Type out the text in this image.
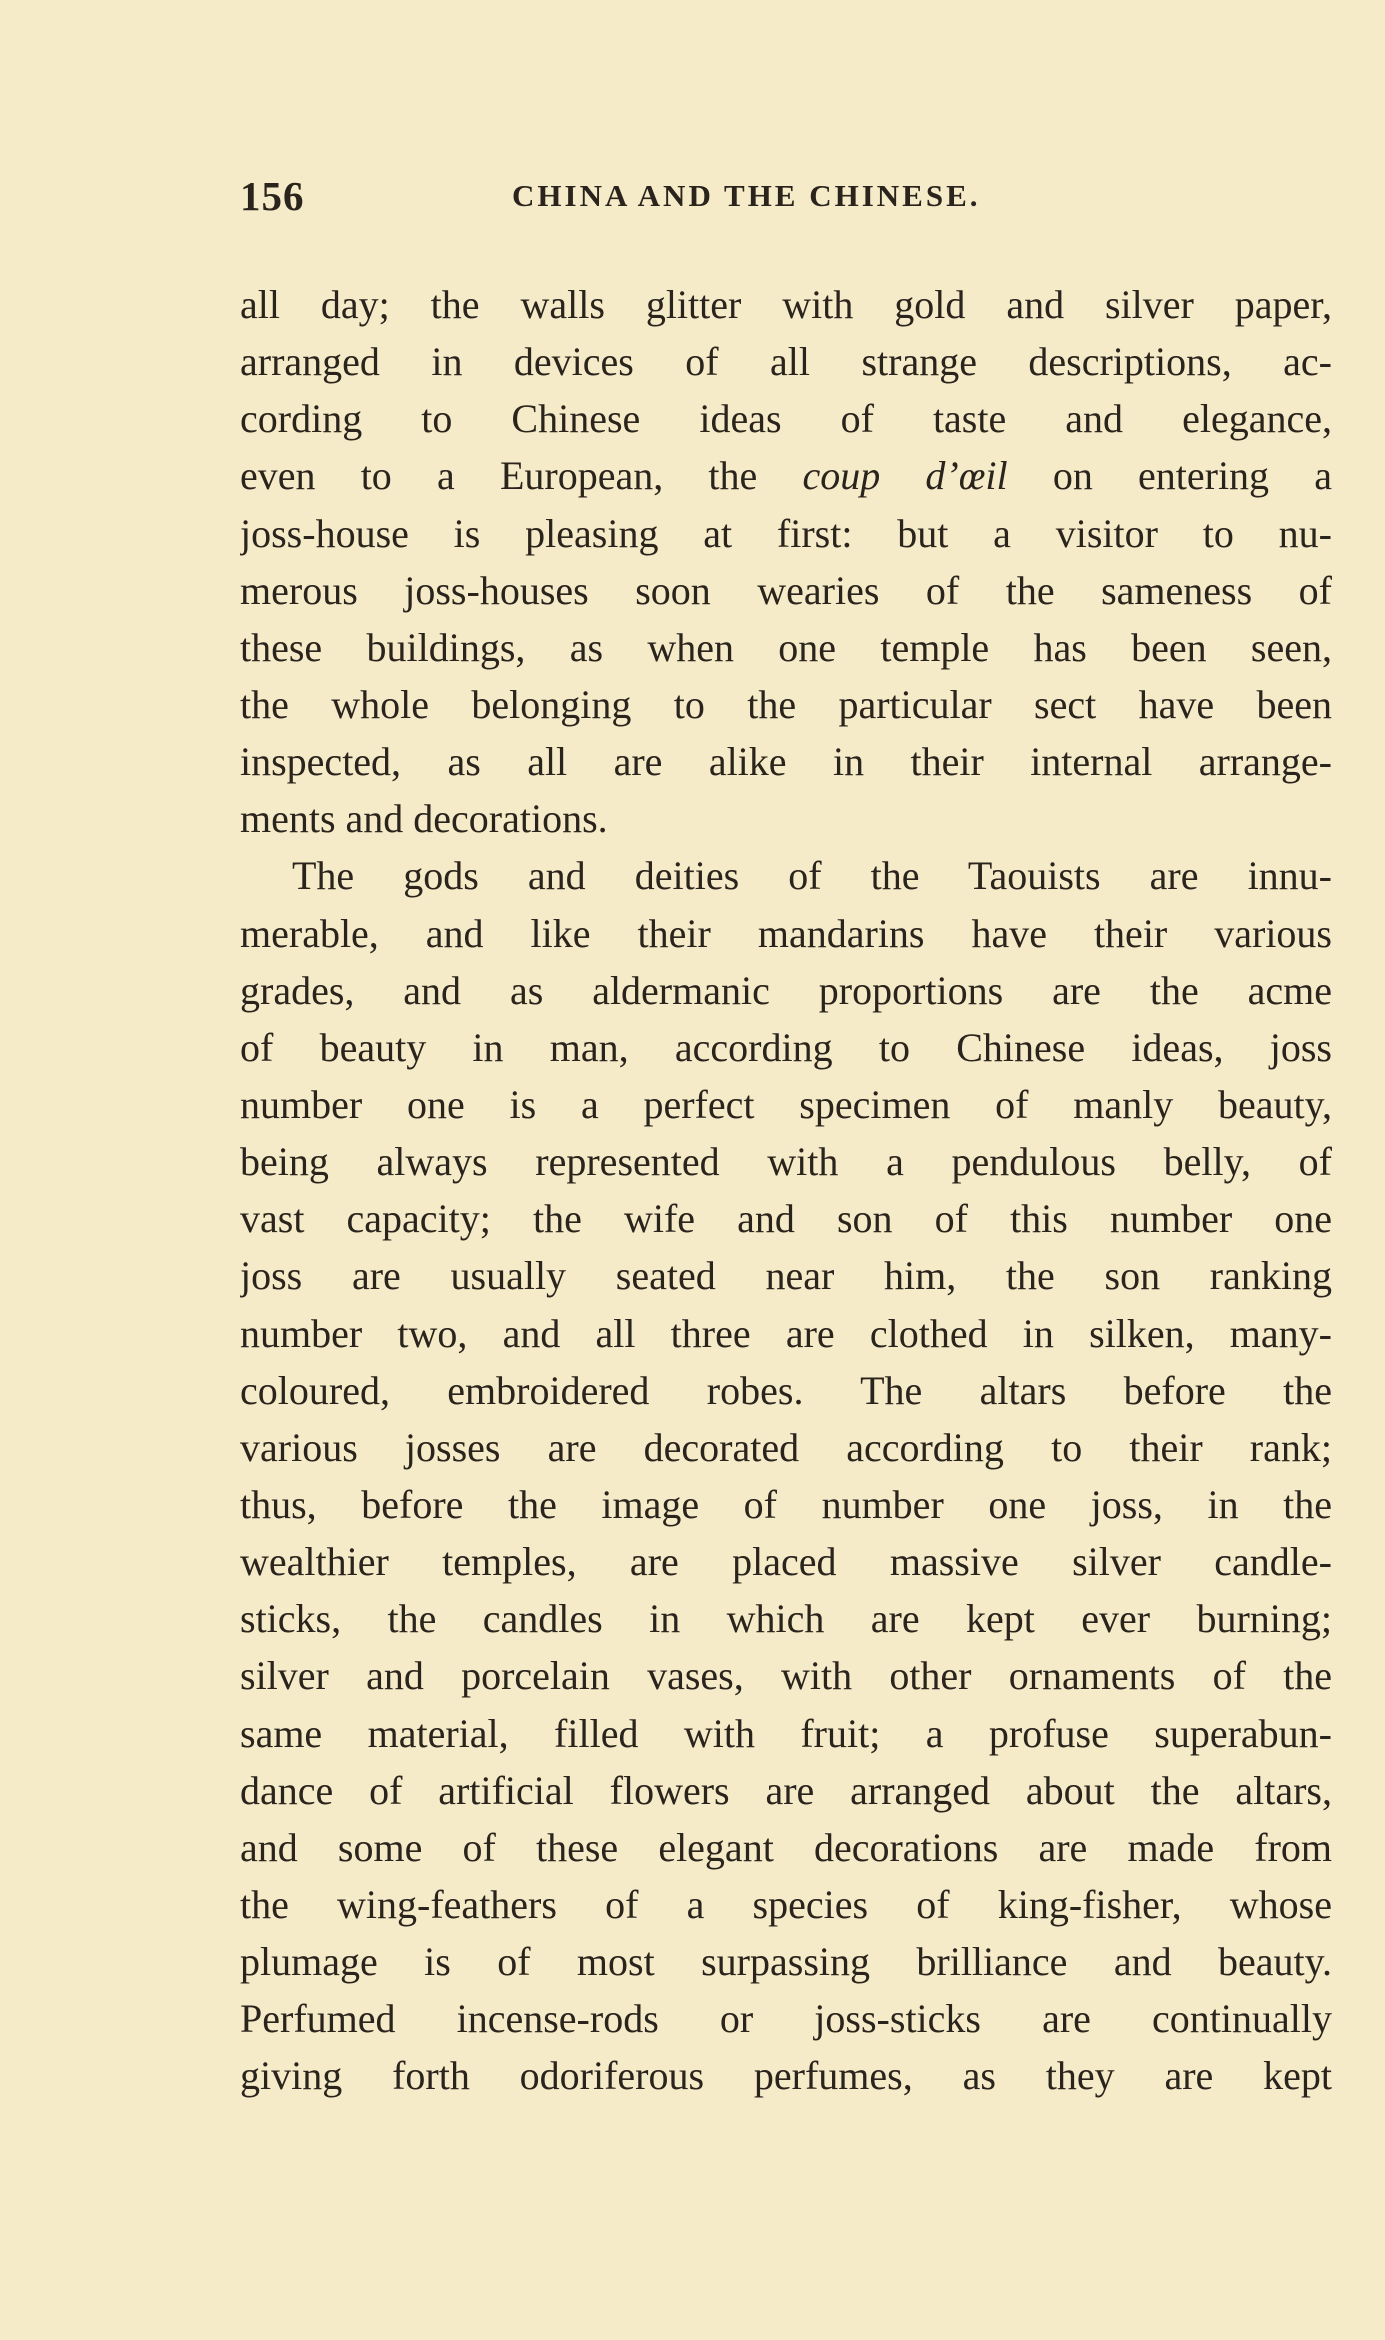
156	CHINA AND THE CHINESE.
all day; the walls glitter with gold and silver paper,
arranged in devices of all strange descriptions, ac-
cording to Chinese ideas of taste and elegance,
even to a European, the coup d’œil on entering a
joss-house is pleasing at first: but a visitor to nu-
merous joss-houses soon wearies of the sameness of
these buildings, as when one temple has been seen,
the whole belonging to the particular sect have been
inspected, as all are alike in their internal arrange-
ments and decorations.
The gods and deities of the Taouists are innu-
merable, and like their mandarins have their various
grades, and as aldermanic proportions are the acme
of beauty in man, according to Chinese ideas, joss
number one is a perfect specimen of manly beauty,
being always represented with a pendulous belly, of
vast capacity; the wife and son of this number one
joss are usually seated near him, the son ranking
number two, and all three are clothed in silken, many-
coloured, embroidered robes. The altars before the
various josses are decorated according to their rank;
thus, before the image of number one joss, in the
wealthier temples, are placed massive silver candle-
sticks, the candles in which are kept ever burning;
silver and porcelain vases, with other ornaments of the
same material, filled with fruit; a profuse superabun-
dance of artificial flowers are arranged about the altars,
and some of these elegant decorations are made from
the wing-feathers of a species of king-fisher, whose
plumage is of most surpassing brilliance and beauty.
Perfumed incense-rods or joss-sticks are continually
giving forth odoriferous perfumes, as they are kept
